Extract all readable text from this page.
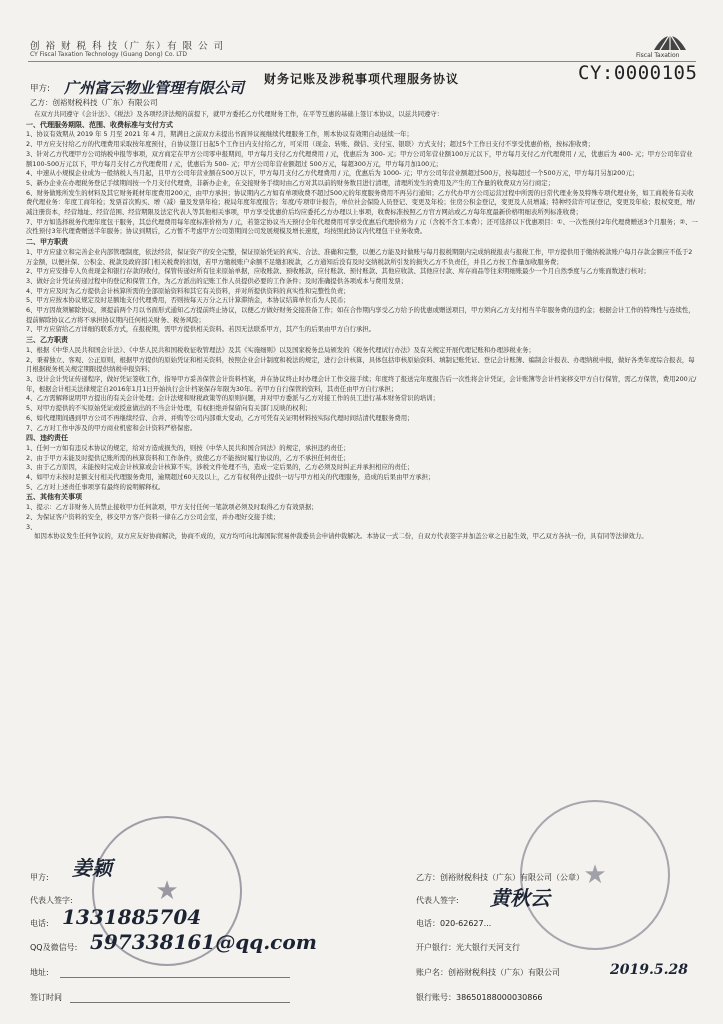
创 裕 财 税 科 技（广 东）有 限 公 司
CY Fiscal Taxation Technology (Guang Dong) Co. LTD	Fiscal Taxation
财务记账及涉税事项代理服务协议	CY:0000105
甲方: 广州富云物业管理有限公司
乙方：创裕财税科技（广东）有限公司

在双方共同遵守《会计法》、《税法》及各项经济法规的前提下，就甲方委托乙方代理财务工作，在平等互惠的基础上签订本协议，以兹共同遵守：

一、代理服务期限、范围、收费标准与支付方式

1、协议有效期从 2019 年 5 月至 2021 年 4 月，期满日之前双方未提出书面异议视继续代理服务工作，则本协议有效期自动延续一年；

2、甲方应支付给乙方的代理费用采取按年度预付，自协议签订日起5个工作日内支付给乙方，可采用（现金、转账、微信、支付宝、银联）方式支付；超过5个工作日支付不享受优惠价格，按标准收费；

3、针对乙方代理甲方公司纳税申报等事项，双方商定在甲方公司零申报期间，甲方每月支付乙方代理费用 / 元，优惠后为 300- 元；甲方公司年营业额100万元以下，甲方每月支付乙方代理费用 / 元，优惠后为 400- 元；甲方公司年营业额100-500万元以下，甲方每月支付乙方代理费用 / 元，优惠后为 500- 元；甲方公司年营业额超过 500万元，每超300万元，甲方每月加100元；

4、中速从小规模企业成为一般纳税人当月起，且甲方公司年营业额在500万以下，甲方每月支付乙方代理费用 / 元，优惠后为 1000- 元；甲方公司年营业额超过500万，按每超过一个500万元，甲方每月另加200元；

5、新办企业在办理税务登记手续期间按一个月支付代理费，非新办企业，在交接财务手续时由乙方对其以前的财务数目进行清理，清理所发生的费用及产生的工作量的收费双方另行商定；

6、财务做账所发生的材料及其它财务耗材年度费用200元，由甲方承担；协议期内乙方如有单项收费不超过500元的年度服务费用不再另行通知；乙方代办甲方公司运营过程中所需的日常代理业务及特殊专项代理业务，如工商税务有关收费代理业务：年度工商年检；发票首次购买、增（减）量及发票年检；税局年度年度报告；年度/专项审计报告，单位社会保险人员登记、变更及年检；住房公积金登记，变更及人员增减；特种经营许可证登记，变更及年检；股权变更，增/减注册资本，经营地址、经营范围、经营期限及法定代表人等其他相关事项，甲方享受优惠价后均应委托乙方办理以上事项，收费标准按照乙方官方网站或乙方每年度最新价格明细表所列标准收费；

7、甲方如选择税务代理年度包干服务，其总代理费用每年度标准价格为 / 元，若签定协议当天预付全年代理费用可享受优惠后代理价格为 / 元（含税不含工本费）；还可选择以下优惠项目：①、一次性预付2年代理费赠送3个月服务；②、一次性预付3年代理费赠送半年服务；协议到期后，乙方暂不考虑甲方公司第期间公司发展规模及增长速度，均按照此协议内代理包干业务收费。

二、甲方职责

1、甲方应建立和完善企业内部管理制度，依法经营，保证资产的安全完整，保证原始凭证的真实、合法、准确和完整，以便乙方能及时做账与每月报税期限内完成纳税报表与报税工作，甲方提供用于缴纳税款账户每月存款金额应不低于2万金额，以便社保、公积金、税款及政府部门相关税费的扣划，若甲方缴税账户余额不足缴扣税款，乙方通知后没有及时交纳税款所引发的损失乙方不负责任，并且乙方按工作量加收服务费；

2、甲方应安排专人负责现金和银行存款的收付，保管传递好所有往来原始单据，应收账款、预收账款，应付账款、预付账款、其他应收款、其他应付款、库存商品等往来明细账最少一个月自然季度与乙方账面数进行核对；

3、做好会计凭证传递过程中的登记和保管工作，为乙方派出的记账工作人员提供必要的工作条件；及时准确提供各项成本与费用发票；

4、甲方应及时为乙方提供会计核算所需的全部原始资料和其它有关资料，并对所提供资料的真实性和完整性负责；

5、甲方应按本协议规定及时足额地支付代理费用，否则按每天万分之五计算滞纳金，本协议结算单位币为人民币；

6、甲方因故须解除协议，须提前两个月以书面形式通知乙方提前终止协议，以便乙方做好财务交接准备工作；如在合作期内享受乙方给予的优惠或赠送项目，甲方须向乙方支付相当半年服务费的违约金；根据会计工作的特殊性与连续性，提前解除协议乙方将不承担协议期内任何相关财务、税务风险；

7、甲方应留给乙方详细的联系方式，在报税期，需甲方提供相关资料。若因无法联系甲方，其产生的后果由甲方自行承担。

三、乙方职责

1、根据《中华人民共和国会计法》、《中华人民共和国税收征收管理法》及其《实施细则》以及国家税务总局颁发的《税务代理试行办法》及有关规定开展代理记账和办理涉税业务；

2、秉着独立、客观、公正原则，根据甲方提供的原始凭证和相关资料，按照企业会计制度和税法的规定，进行会计核算，具体包括审核原始资料、填制记账凭证、登记会计账簿、编制会计报表、办理纳税申报，做好各类年度综合报表，每月根据税务机关规定期限提供纳税申报资料；

3、设计会计凭证传递程序，做好凭证签收工作，指导甲方妥善保管会计资料档案，并在协议终止时办理会计工作交接手续；年度终了报送完年度报告后一次性将会计凭证，会计账簿等会计档案移交甲方自行保管，需乙方保管，费用200元/年，根据会计相关法律规定自2016年1月1日开始执行会计档案保存年限为30年。若甲方自行保管的资料，其责任由甲方自行承担；

4、乙方需解释说明甲方提出的有关会计处理；会计法规和财税政策等的原则问题，并对甲方委派与乙方对接工作的员工进行基本财务常识的培训；

5、对甲方提供的不实原始凭证或授意做出的不当会计处理，有权拒绝并保留向有关部门反映的权利；

6、如代理期间遇到甲方公司不再继续经营、合并、并购等公司内部重大变动，乙方可凭有关证明材料按实际代理时间结清代理服务费用；

7、乙方对工作中涉及的甲方商业机密和会计资料严格保密。

四、违约责任

1、任何一方如有违反本协议的规定，给对方造成损失的，则按《中华人民共和国合同法》的规定，承担违约责任；

2、由于甲方未能及时提供记账所需的核算资料和工作条件，致使乙方不能按时履行协议的，乙方不承担任何责任；

3、由于乙方原因，未能按时完成会计核算或会计核算不实，涉税文件处理不当，造成一定后果的，乙方必须及时纠正并承担相应的责任；

4、如甲方未按时足额支付相关代理服务费用，逾期超过60天及以上，乙方有权利停止提供一切与甲方相关的代理服务，造成的后果由甲方承担；

5、乙方对上述责任事项享有最终的说明解释权。

五、其他有关事项

1、提示：乙方非财务人员禁止接收甲方任何款项，甲方支付任何一笔款项必须及时取得乙方有效票据；

2、为保证客户资料的安全，移交甲方客户资料一律在乙方公司会室，并办理好交接手续；

3、

如因本协议发生任何争议的，双方应友好协商解决，协商不成的，双方均可向北海国际贸易仲裁委员会申请仲裁解决。本协议一式二份，自双方代表签字并加盖公章之日起生效，甲乙双方各执一份，具有同等法律效力。

★
★
甲方:
代表人签字:
姜颖
电话: 1331885704
QQ及微信号: 597338161@qq.com
地址:
签订时间
乙方：创裕财税科技（广东）有限公司（公章）
代表人签字: 黄秋云
电话：020-62627...
开户银行：光大银行天河支行
账户名：创裕财税科技（广东）有限公司
银行账号：38650188000030866
2019.5.28
